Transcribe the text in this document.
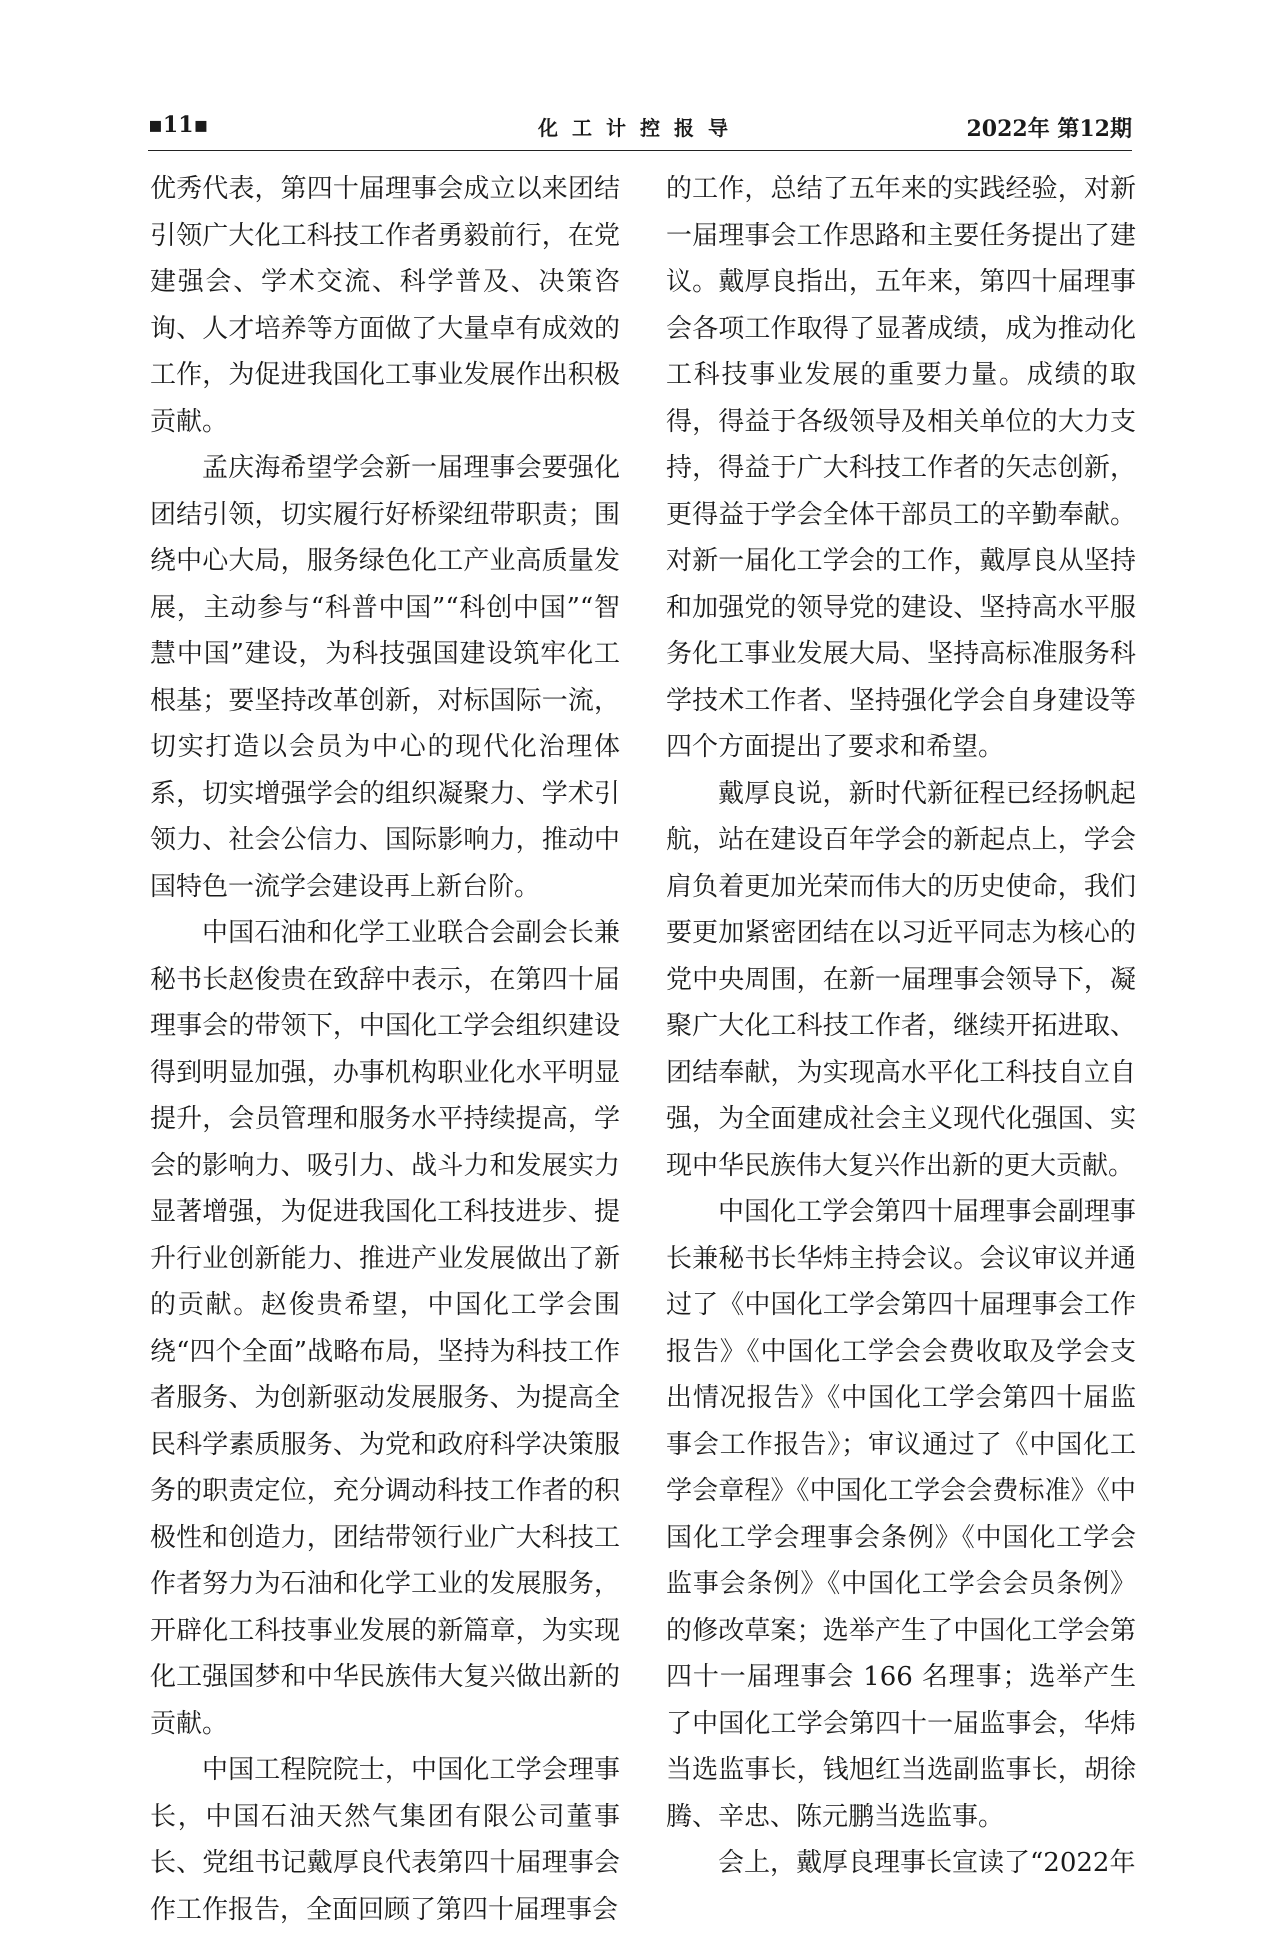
▪11▪	化工计控报导	2022年 第12期

优秀代表，第四十届理事会成立以来团结引领广大化工科技工作者勇毅前行，在党建强会、学术交流、科学普及、决策咨询、人才培养等方面做了大量卓有成效的工作，为促进我国化工事业发展作出积极贡献。

孟庆海希望学会新一届理事会要强化团结引领，切实履行好桥梁纽带职责；围绕中心大局，服务绿色化工产业高质量发展，主动参与“科普中国”“科创中国”“智慧中国”建设，为科技强国建设筑牢化工根基；要坚持改革创新，对标国际一流，切实打造以会员为中心的现代化治理体系，切实增强学会的组织凝聚力、学术引领力、社会公信力、国际影响力，推动中国特色一流学会建设再上新台阶。

中国石油和化学工业联合会副会长兼秘书长赵俊贵在致辞中表示，在第四十届理事会的带领下，中国化工学会组织建设得到明显加强，办事机构职业化水平明显提升，会员管理和服务水平持续提高，学会的影响力、吸引力、战斗力和发展实力显著增强，为促进我国化工科技进步、提升行业创新能力、推进产业发展做出了新的贡献。赵俊贵希望，中国化工学会围绕“四个全面”战略布局，坚持为科技工作者服务、为创新驱动发展服务、为提高全民科学素质服务、为党和政府科学决策服务的职责定位，充分调动科技工作者的积极性和创造力，团结带领行业广大科技工作者努力为石油和化学工业的发展服务，开辟化工科技事业发展的新篇章，为实现化工强国梦和中华民族伟大复兴做出新的贡献。

中国工程院院士，中国化工学会理事长，中国石油天然气集团有限公司董事长、党组书记戴厚良代表第四十届理事会作工作报告，全面回顾了第四十届理事会

的工作，总结了五年来的实践经验，对新一届理事会工作思路和主要任务提出了建议。戴厚良指出，五年来，第四十届理事会各项工作取得了显著成绩，成为推动化工科技事业发展的重要力量。成绩的取得，得益于各级领导及相关单位的大力支持，得益于广大科技工作者的矢志创新，更得益于学会全体干部员工的辛勤奉献。对新一届化工学会的工作，戴厚良从坚持和加强党的领导党的建设、坚持高水平服务化工事业发展大局、坚持高标准服务科学技术工作者、坚持强化学会自身建设等四个方面提出了要求和希望。

戴厚良说，新时代新征程已经扬帆起航，站在建设百年学会的新起点上，学会肩负着更加光荣而伟大的历史使命，我们要更加紧密团结在以习近平同志为核心的党中央周围，在新一届理事会领导下，凝聚广大化工科技工作者，继续开拓进取、团结奉献，为实现高水平化工科技自立自强，为全面建成社会主义现代化强国、实现中华民族伟大复兴作出新的更大贡献。

中国化工学会第四十届理事会副理事长兼秘书长华炜主持会议。会议审议并通过了《中国化工学会第四十届理事会工作报告》《中国化工学会会费收取及学会支出情况报告》《中国化工学会第四十届监事会工作报告》；审议通过了《中国化工学会章程》《中国化工学会会费标准》《中国化工学会理事会条例》《中国化工学会监事会条例》《中国化工学会会员条例》的修改草案；选举产生了中国化工学会第四十一届理事会 166 名理事；选举产生了中国化工学会第四十一届监事会，华炜当选监事长，钱旭红当选副监事长，胡徐腾、辛忠、陈元鹏当选监事。

会上，戴厚良理事长宣读了“2022年
